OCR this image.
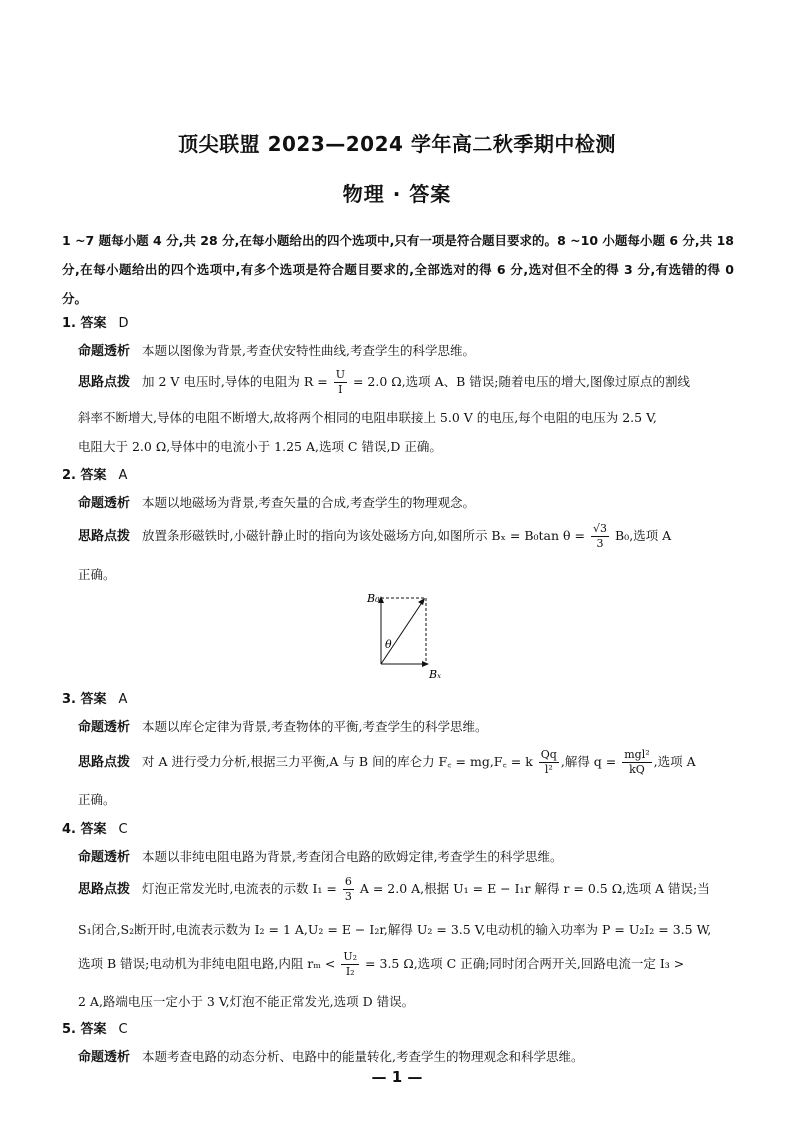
顶尖联盟 2023—2024 学年高二秋季期中检测
物理 · 答案
1 ~7 题每小题 4 分,共 28 分,在每小题给出的四个选项中,只有一项是符合题目要求的。8 ~10 小题每小题 6 分,共 18 分,在每小题给出的四个选项中,有多个选项是符合题目要求的,全部选对的得 6 分,选对但不全的得 3 分,有选错的得 0 分。
1. 答案 D
命题透析 本题以图像为背景,考查伏安特性曲线,考查学生的科学思维。
思路点拨 加 2 V 电压时,导体的电阻为 $R = \frac{U}{I} = 2.0$ Ω,选项 A、B 错误;随着电压的增大,图像过原点的割线
斜率不断增大,导体的电阻不断增大,故将两个相同的电阻串联接上 5.0 V 的电压,每个电阻的电压为 2.5 V,
电阻大于 2.0 Ω,导体中的电流小于 1.25 A,选项 C 错误,D 正确。
2. 答案 A
命题透析 本题以地磁场为背景,考查矢量的合成,考查学生的物理观念。
思路点拨 放置条形磁铁时,小磁针静止时的指向为该处磁场方向,如图所示 Bₓ = B₀tan $\theta = \frac{√3}{3} B_0$,选项 A
正确。
B₀
θ
Bₓ
3. 答案 A
命题透析 本题以库仑定律为背景,考查物体的平衡,考查学生的科学思维。
思路点拨 对 A 进行受力分析,根据三力平衡,A 与 B 间的库仑力 F꜀ = mg,F꜀ = k $\frac{Qq}{\text{l²}}$ ,解得 $q = \frac{\text{mgl²}}{kQ}$ ,选项 A
正确。
4. 答案 C
命题透析 本题以非纯电阻电路为背景,考查闭合电路的欧姆定律,考查学生的科学思维。
思路点拨 灯泡正常发光时,电流表的示数 $I_1 = \frac{6}{3}$ A = 2.0 A,根据 U₁ = E − I₁r 解得 r = 0.5 Ω,选项 A 错误;当
S₁闭合,S₂断开时,电流表示数为 I₂ = 1 A,U₂ = E − I₂r,解得 U₂ = 3.5 V,电动机的输入功率为 P = U₂I₂ = 3.5 W,
选项 B 错误;电动机为非纯电阻电路,内阻 $r_m < \frac{\text{U₂}}{\text{I₂}} = 3.5$ Ω,选项 C 正确;同时闭合两开关,回路电流一定 I₃ >
2 A,路端电压一定小于 3 V,灯泡不能正常发光,选项 D 错误。
5. 答案 C
命题透析 本题考查电路的动态分析、电路中的能量转化,考查学生的物理观念和科学思维。
— 1 —
